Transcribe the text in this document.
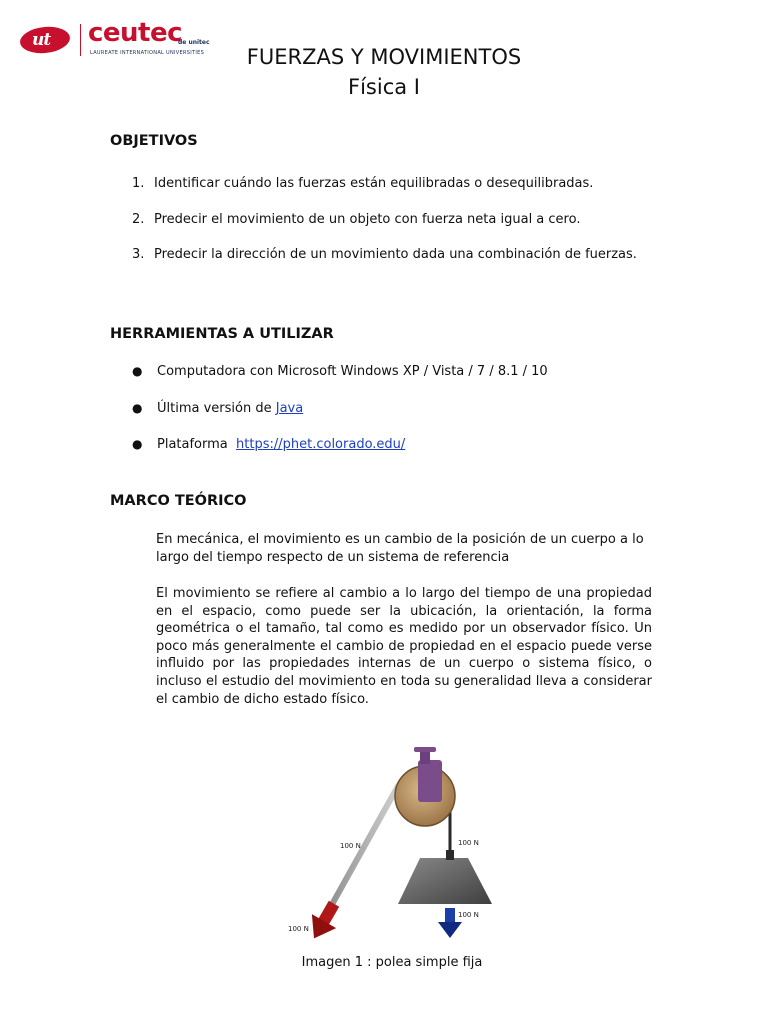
ut ceutec
de unitec
LAUREATE INTERNATIONAL UNIVERSITIES	FUERZAS Y MOVIMIENTOS
Física I
OBJETIVOS
1. Identificar cuándo las fuerzas están equilibradas o desequilibradas.
2. Predecir el movimiento de un objeto con fuerza neta igual a cero.
3. Predecir la dirección de un movimiento dada una combinación de fuerzas.
HERRAMIENTAS A UTILIZAR
● Computadora con Microsoft Windows XP / Vista / 7 / 8.1 / 10
● Última versión de Java
● Plataforma  https://phet.colorado.edu/
MARCO TEÓRICO
En mecánica, el movimiento es un cambio de la posición de un cuerpo a lo largo del tiempo respecto de un sistema de referencia
El movimiento se refiere al cambio a lo largo del tiempo de una propiedad en el espacio, como puede ser la ubicación, la orientación, la forma geométrica o el tamaño, tal como es medido por un observador físico. Un poco más generalmente el cambio de propiedad en el espacio puede verse influido por las propiedades internas de un cuerpo o sistema físico, o incluso el estudio del movimiento en toda su generalidad lleva a considerar el cambio de dicho estado físico.
100 N	100 N
100 N
100 N
Imagen 1 : polea simple fija
